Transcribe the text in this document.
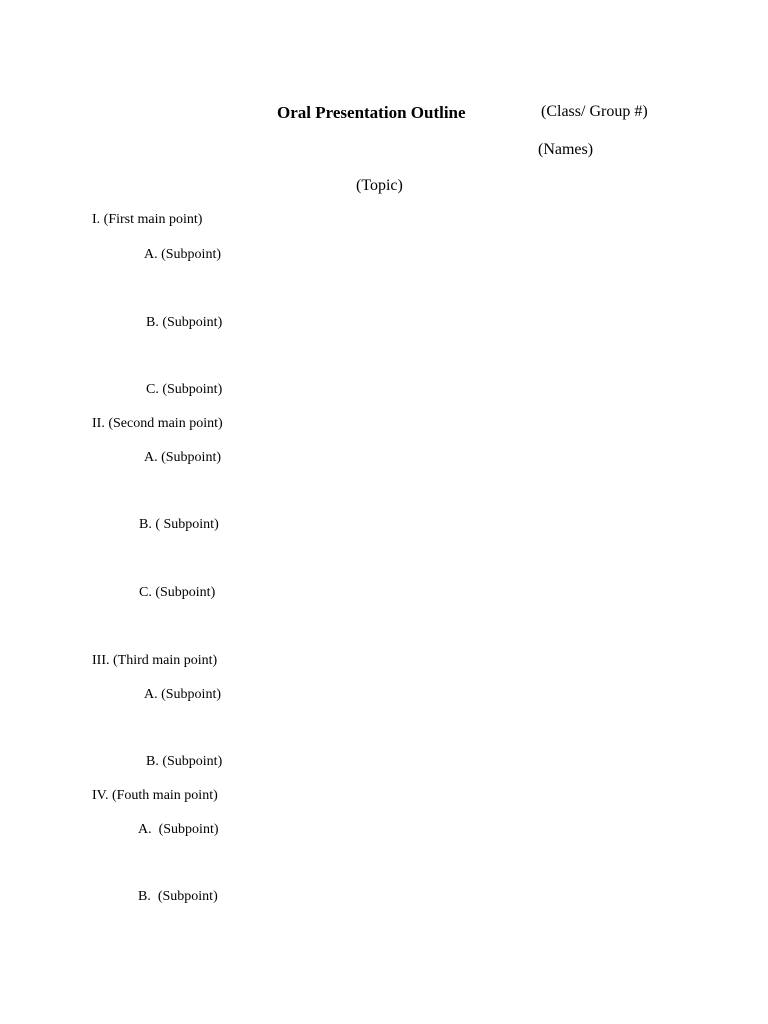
Oral Presentation Outline	(Class/ Group #)
(Names)
(Topic)
I. (First main point)
A. (Subpoint)
B. (Subpoint)
C. (Subpoint)
II. (Second main point)
A. (Subpoint)
B. ( Subpoint)
C. (Subpoint)
III. (Third main point)
A. (Subpoint)
B. (Subpoint)
IV. (Fouth main point)
A.  (Subpoint)
B.  (Subpoint)
